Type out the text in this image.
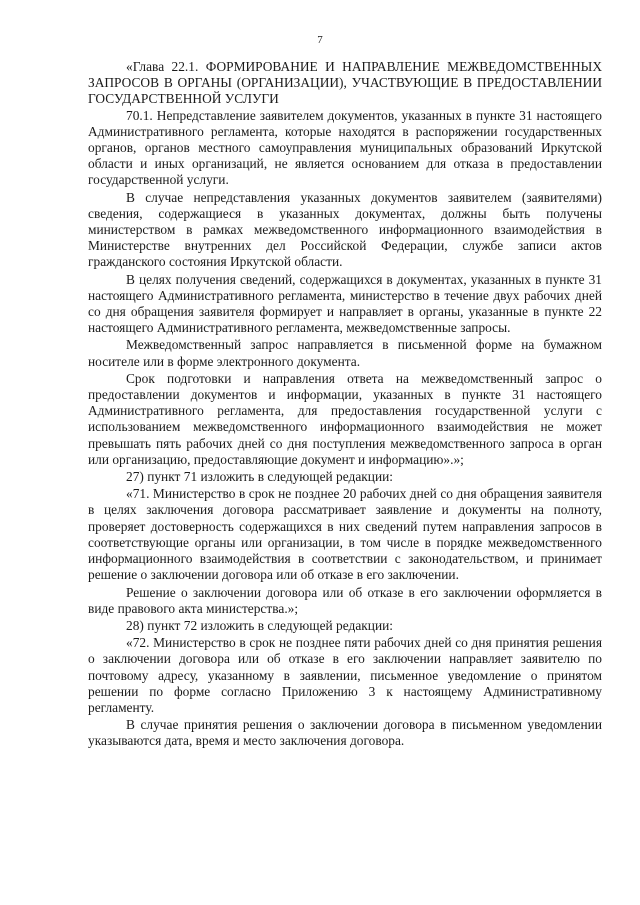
7

«Глава 22.1. ФОРМИРОВАНИЕ И НАПРАВЛЕНИЕ МЕЖВЕДОМСТВЕННЫХ ЗАПРОСОВ В ОРГАНЫ (ОРГАНИЗАЦИИ), УЧАСТВУЮЩИЕ В ПРЕДОСТАВЛЕНИИ ГОСУДАРСТВЕННОЙ УСЛУГИ

70.1. Непредставление заявителем документов, указанных в пункте 31 настоящего Административного регламента, которые находятся в распоряжении государственных органов, органов местного самоуправления муниципальных образований Иркутской области и иных организаций, не является основанием для отказа в предоставлении государственной услуги.

В случае непредставления указанных документов заявителем (заявителями) сведения, содержащиеся в указанных документах, должны быть получены министерством в рамках межведомственного информационного взаимодействия в Министерстве внутренних дел Российской Федерации, службе записи актов гражданского состояния Иркутской области.

В целях получения сведений, содержащихся в документах, указанных в пункте 31 настоящего Административного регламента, министерство в течение двух рабочих дней со дня обращения заявителя формирует и направляет в органы, указанные в пункте 22 настоящего Административного регламента, межведомственные запросы.

Межведомственный запрос направляется в письменной форме на бумажном носителе или в форме электронного документа.

Срок подготовки и направления ответа на межведомственный запрос о предоставлении документов и информации, указанных в пункте 31 настоящего Административного регламента, для предоставления государственной услуги с использованием межведомственного информационного взаимодействия не может превышать пять рабочих дней со дня поступления межведомственного запроса в орган или организацию, предоставляющие документ и информацию».»;

27) пункт 71 изложить в следующей редакции:

«71. Министерство в срок не позднее 20 рабочих дней со дня обращения заявителя в целях заключения договора рассматривает заявление и документы на полноту, проверяет достоверность содержащихся в них сведений путем направления запросов в соответствующие органы или организации, в том числе в порядке межведомственного информационного взаимодействия в соответствии с законодательством, и принимает решение о заключении договора или об отказе в его заключении.

Решение о заключении договора или об отказе в его заключении оформляется в виде правового акта министерства.»;

28) пункт 72 изложить в следующей редакции:

«72. Министерство в срок не позднее пяти рабочих дней со дня принятия решения о заключении договора или об отказе в его заключении направляет заявителю по почтовому адресу, указанному в заявлении, письменное уведомление о принятом решении по форме согласно Приложению 3 к настоящему Административному регламенту.

В случае принятия решения о заключении договора в письменном уведомлении указываются дата, время и место заключения договора.
